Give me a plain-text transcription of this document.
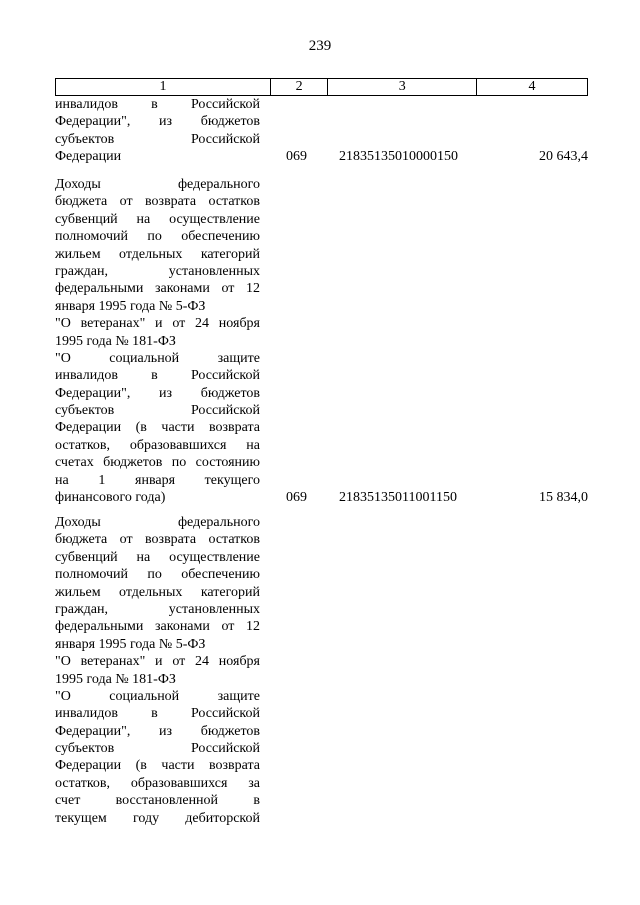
239
1	2	3	4
инвалидов в Российской
Федерации", из бюджетов
субъектов Российской
Федерации	069	21835135010000150	20 643,4
Доходы федерального
бюджета от возврата остатков
субвенций на осуществление
полномочий по обеспечению
жильем отдельных категорий
граждан, установленных
федеральными законами от 12
января 1995 года № 5-ФЗ
"О ветеранах" и от 24 ноября
1995 года № 181-ФЗ
"О социальной защите
инвалидов в Российской
Федерации", из бюджетов
субъектов Российской
Федерации (в части возврата
остатков, образовавшихся на
счетах бюджетов по состоянию
на 1 января текущего
финансового года)	069	21835135011001150	15 834,0
Доходы федерального
бюджета от возврата остатков
субвенций на осуществление
полномочий по обеспечению
жильем отдельных категорий
граждан, установленных
федеральными законами от 12
января 1995 года № 5-ФЗ
"О ветеранах" и от 24 ноября
1995 года № 181-ФЗ
"О социальной защите
инвалидов в Российской
Федерации", из бюджетов
субъектов Российской
Федерации (в части возврата
остатков, образовавшихся за
счет восстановленной в
текущем году дебиторской
